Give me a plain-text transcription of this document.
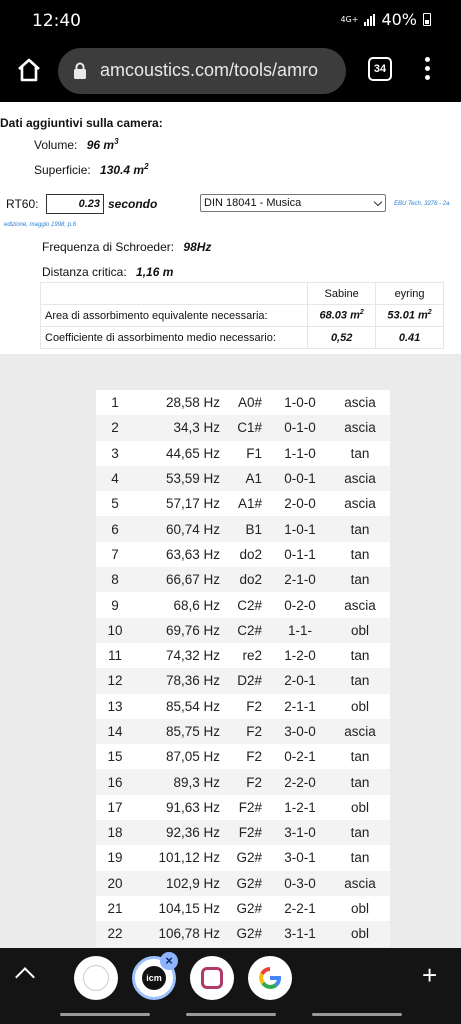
12:40	4G+ 40%
amcoustics.com/tools/amro	34
Dati aggiuntivi sulla camera:
Volume: 96 $m^3$
Superficie: 130.4 $m^2$
RT60:	0.23 secondo	DIN 18041 - Musica	EBU Tech. 3276 - 2a
edizione, maggio 1998, p.6
Frequenza di Schroeder: 98Hz
Distanza critica: 1,16 m
	Sabine	eyring
Area di assorbimento equivalente necessaria:	68.03 $m^2$	53.01 $m^2$
Coefficiente di assorbimento medio necessario:	0,52	0.41
1	28,58 Hz	A0#	1-0-0	ascia
2	34,3 Hz	C1#	0-1-0	ascia
3	44,65 Hz	F1	1-1-0	tan
4	53,59 Hz	A1	0-0-1	ascia
5	57,17 Hz	A1#	2-0-0	ascia
6	60,74 Hz	B1	1-0-1	tan
7	63,63 Hz	do2	0-1-1	tan
8	66,67 Hz	do2	2-1-0	tan
9	68,6 Hz	C2#	0-2-0	ascia
10	69,76 Hz	C2#	1-1-	obl
11	74,32 Hz	re2	1-2-0	tan
12	78,36 Hz	D2#	2-0-1	tan
13	85,54 Hz	F2	2-1-1	obl
14	85,75 Hz	F2	3-0-0	ascia
15	87,05 Hz	F2	0-2-1	tan
16	89,3 Hz	F2	2-2-0	tan
17	91,63 Hz	F2#	1-2-1	obl
18	92,36 Hz	F2#	3-1-0	tan
19	101,12 Hz	G2#	3-0-1	tan
20	102,9 Hz	G2#	0-3-0	ascia
21	104,15 Hz	G2#	2-2-1	obl
22	106,78 Hz	G2#	3-1-1	obl
icm
×	+
